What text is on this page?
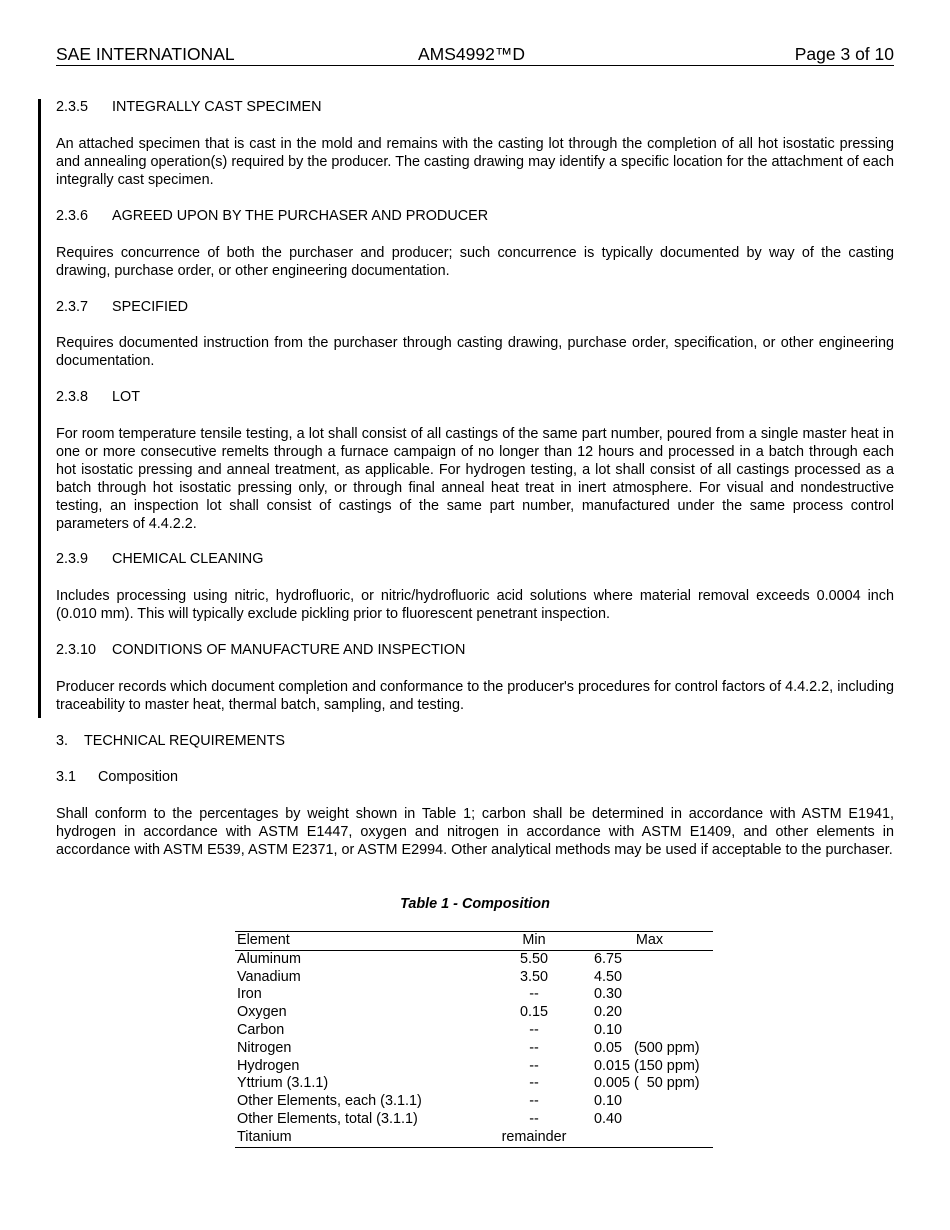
SAE INTERNATIONAL	AMS4992™D	Page 3 of 10
2.3.5 INTEGRALLY CAST SPECIMEN

An attached specimen that is cast in the mold and remains with the casting lot through the completion of all hot isostatic pressing and annealing operation(s) required by the producer. The casting drawing may identify a specific location for the attachment of each integrally cast specimen.

2.3.6 AGREED UPON BY THE PURCHASER AND PRODUCER

Requires concurrence of both the purchaser and producer; such concurrence is typically documented by way of the casting drawing, purchase order, or other engineering documentation.

2.3.7 SPECIFIED

Requires documented instruction from the purchaser through casting drawing, purchase order, specification, or other engineering documentation.

2.3.8 LOT

For room temperature tensile testing, a lot shall consist of all castings of the same part number, poured from a single master heat in one or more consecutive remelts through a furnace campaign of no longer than 12 hours and processed in a batch through each hot isostatic pressing and anneal treatment, as applicable. For hydrogen testing, a lot shall consist of all castings processed as a batch through hot isostatic pressing only, or through final anneal heat treat in inert atmosphere. For visual and nondestructive testing, an inspection lot shall consist of castings of the same part number, manufactured under the same process control parameters of 4.4.2.2.

2.3.9 CHEMICAL CLEANING

Includes processing using nitric, hydrofluoric, or nitric/hydrofluoric acid solutions where material removal exceeds 0.0004 inch (0.010 mm). This will typically exclude pickling prior to fluorescent penetrant inspection.

2.3.10 CONDITIONS OF MANUFACTURE AND INSPECTION

Producer records which document completion and conformance to the producer's procedures for control factors of 4.4.2.2, including traceability to master heat, thermal batch, sampling, and testing.

3. TECHNICAL REQUIREMENTS
3.1 Composition

Shall conform to the percentages by weight shown in Table 1; carbon shall be determined in accordance with ASTM E1941, hydrogen in accordance with ASTM E1447, oxygen and nitrogen in accordance with ASTM E1409, and other elements in accordance with ASTM E539, ASTM E2371, or ASTM E2994. Other analytical methods may be used if acceptable to the purchaser.

Table 1 - Composition
Element	Min	Max
Aluminum	5.50	6.75
Vanadium	3.50	4.50
Iron	--	0.30
Oxygen	0.15	0.20
Carbon	--	0.10
Nitrogen	--	0.05   (500 ppm)
Hydrogen	--	0.015 (150 ppm)
Yttrium (3.1.1)	--	0.005 (  50 ppm)
Other Elements, each (3.1.1)	--	0.10
Other Elements, total (3.1.1)	--	0.40
Titanium	remainder	
